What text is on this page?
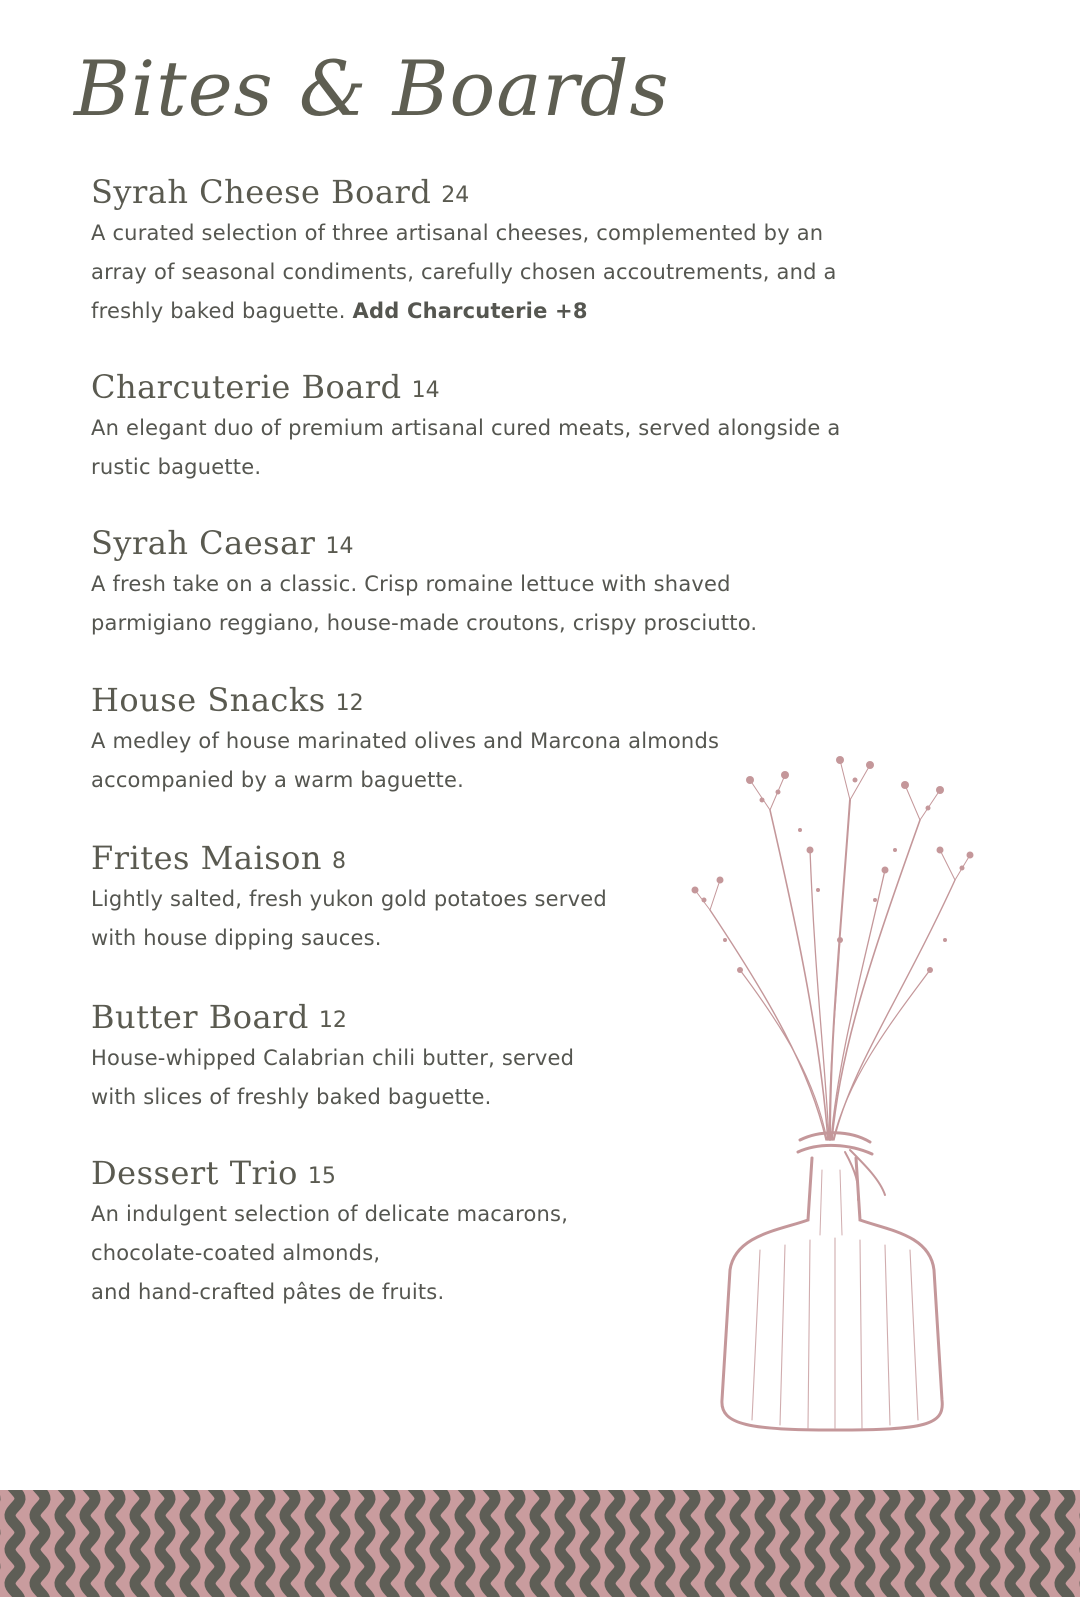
Bites & Boards
Syrah Cheese Board 24

A curated selection of three artisanal cheeses, complemented by an
array of seasonal condiments, carefully chosen accoutrements, and a
freshly baked baguette. Add Charcuterie +8

Charcuterie Board 14

An elegant duo of premium artisanal cured meats, served alongside a
rustic baguette.

Syrah Caesar 14

A fresh take on a classic. Crisp romaine lettuce with shaved
parmigiano reggiano, house-made croutons, crispy prosciutto.

House Snacks 12

A medley of house marinated olives and Marcona almonds
accompanied by a warm baguette.

Frites Maison 8

Lightly salted, fresh yukon gold potatoes served
with house dipping sauces.

Butter Board 12

House-whipped Calabrian chili butter, served
with slices of freshly baked baguette.

Dessert Trio 15

An indulgent selection of delicate macarons,
chocolate-coated almonds,
and hand-crafted pâtes de fruits.
